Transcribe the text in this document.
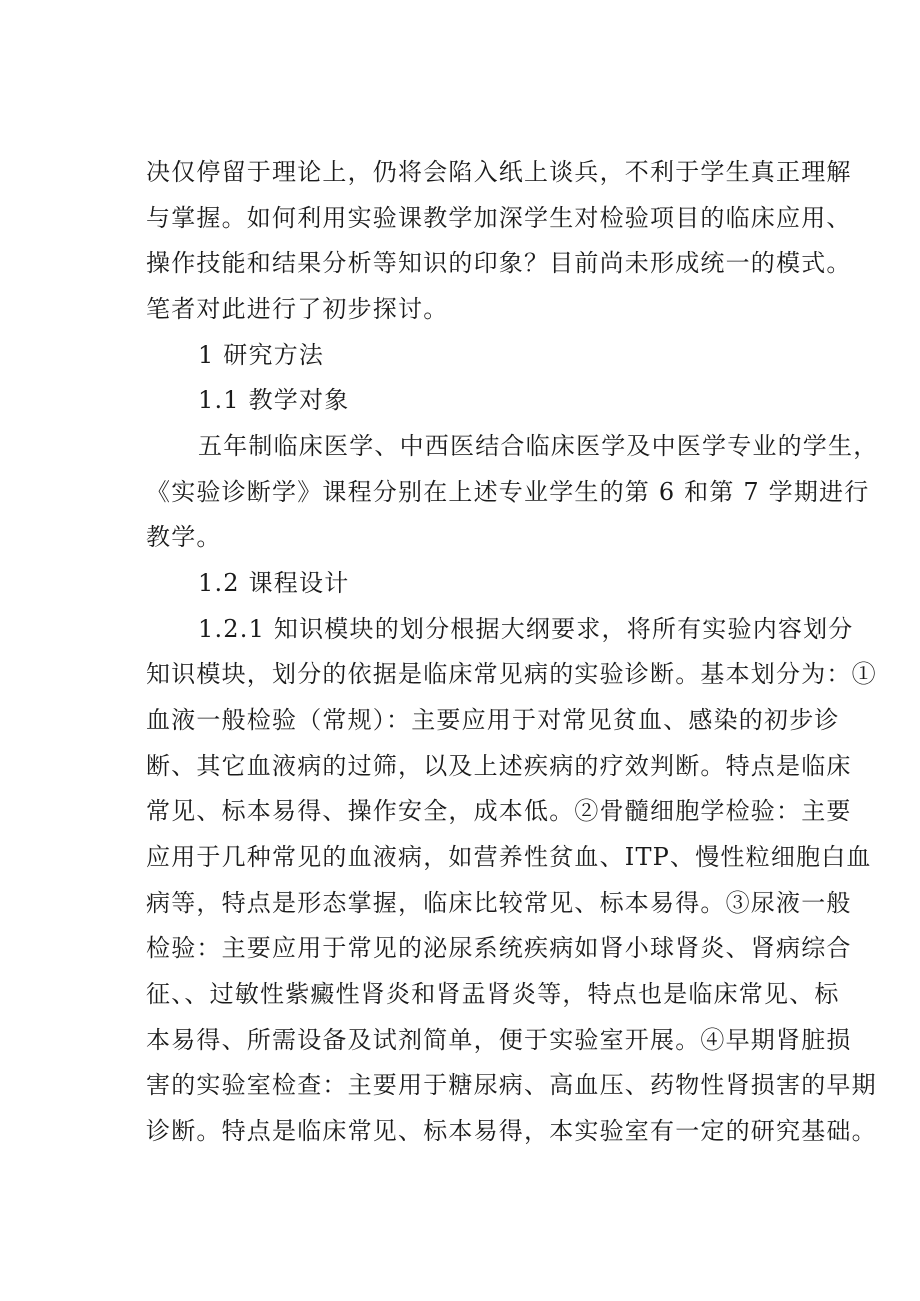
决仅停留于理论上，仍将会陷入纸上谈兵，不利于学生真正理解
与掌握。如何利用实验课教学加深学生对检验项目的临床应用、
操作技能和结果分析等知识的印象？目前尚未形成统一的模式。
笔者对此进行了初步探讨。
1 研究方法
1.1 教学对象
五年制临床医学、中西医结合临床医学及中医学专业的学生，
《实验诊断学》课程分别在上述专业学生的第 6 和第 7 学期进行
教学。
1.2 课程设计
1.2.1 知识模块的划分根据大纲要求，将所有实验内容划分
知识模块，划分的依据是临床常见病的实验诊断。基本划分为：①
血液一般检验（常规）：主要应用于对常见贫血、感染的初步诊
断、其它血液病的过筛，以及上述疾病的疗效判断。特点是临床
常见、标本易得、操作安全，成本低。②骨髓细胞学检验：主要
应用于几种常见的血液病，如营养性贫血、ITP、慢性粒细胞白血
病等，特点是形态掌握，临床比较常见、标本易得。③尿液一般
检验：主要应用于常见的泌尿系统疾病如肾小球肾炎、肾病综合
征、、过敏性紫癜性肾炎和肾盂肾炎等，特点也是临床常见、标
本易得、所需设备及试剂简单，便于实验室开展。④早期肾脏损
害的实验室检查：主要用于糖尿病、高血压、药物性肾损害的早期
诊断。特点是临床常见、标本易得，本实验室有一定的研究基础。
